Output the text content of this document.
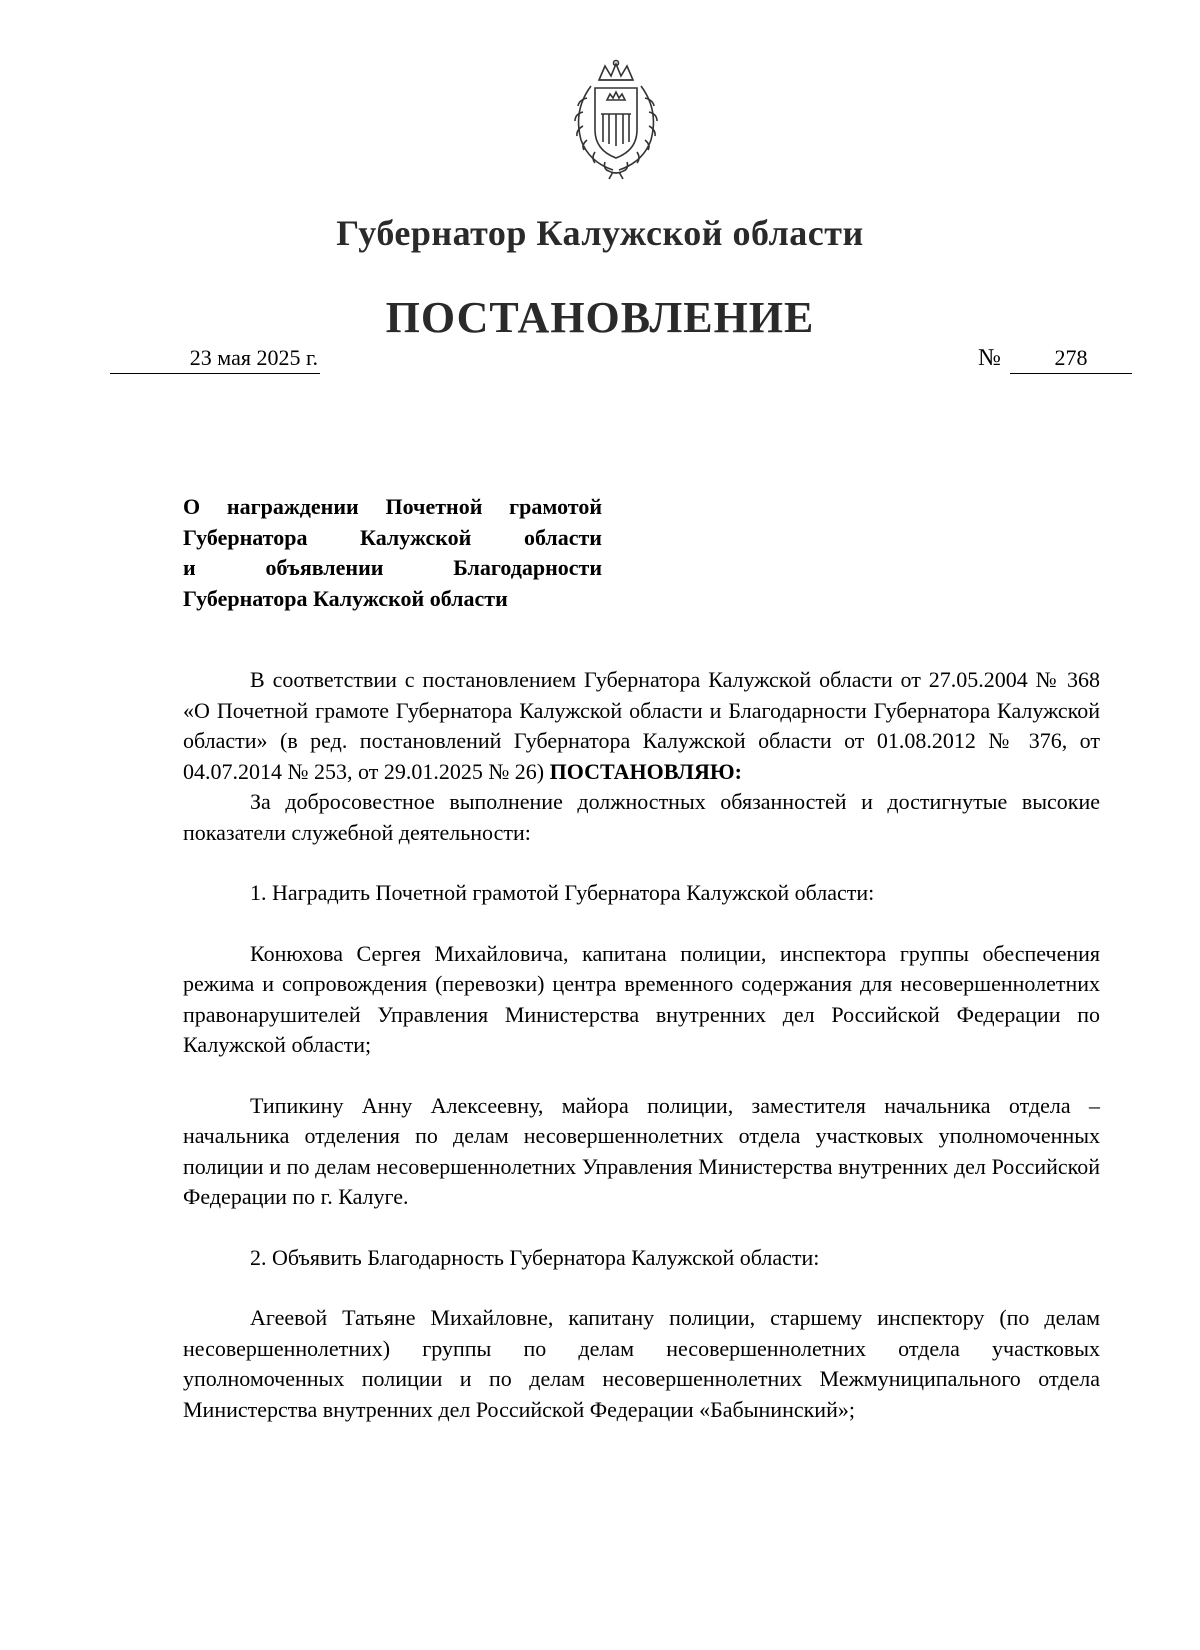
Губернатор Калужской области
ПОСТАНОВЛЕНИЕ
23 мая 2025 г.	№	278
О награждении Почетной грамотой
Губернатора Калужской области
и объявлении Благодарности
Губернатора Калужской области

В соответствии с постановлением Губернатора Калужской области от 27.05.2004 № 368 «О Почетной грамоте Губернатора Калужской области и Благодарности Губернатора Калужской области» (в ред. постановлений Губернатора Калужской области от 01.08.2012 № 376, от 04.07.2014 № 253, от 29.01.2025 № 26) ПОСТАНОВЛЯЮ:

За добросовестное выполнение должностных обязанностей и достигнутые высокие показатели служебной деятельности:

1. Наградить Почетной грамотой Губернатора Калужской области:

Конюхова Сергея Михайловича, капитана полиции, инспектора группы обеспечения режима и сопровождения (перевозки) центра временного содержания для несовершеннолетних правонарушителей Управления Министерства внутренних дел Российской Федерации по Калужской области;

Типикину Анну Алексеевну, майора полиции, заместителя начальника отдела – начальника отделения по делам несовершеннолетних отдела участковых уполномоченных полиции и по делам несовершеннолетних Управления Министерства внутренних дел Российской Федерации по г. Калуге.

2. Объявить Благодарность Губернатора Калужской области:

Агеевой Татьяне Михайловне, капитану полиции, старшему инспектору (по делам несовершеннолетних) группы по делам несовершеннолетних отдела участковых уполномоченных полиции и по делам несовершеннолетних Межмуниципального отдела Министерства внутренних дел Российской Федерации «Бабынинский»;
